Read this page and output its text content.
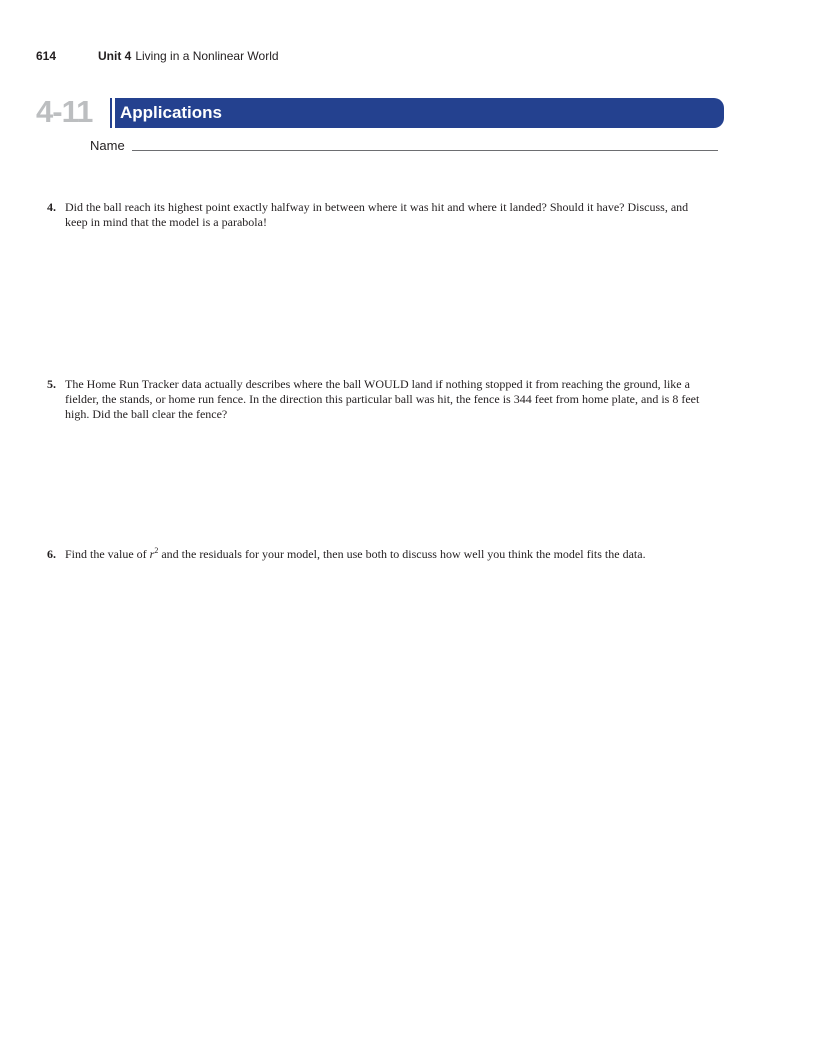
614	Unit 4 Living in a Nonlinear World
4-11 Applications
Name
4. Did the ball reach its highest point exactly halfway in between where it was hit and where it landed? Should it have? Discuss, and keep in mind that the model is a parabola!
5. The Home Run Tracker data actually describes where the ball WOULD land if nothing stopped it from reaching the ground, like a fielder, the stands, or home run fence. In the direction this particular ball was hit, the fence is 344 feet from home plate, and is 8 feet high. Did the ball clear the fence?
6. Find the value of $r^2$ and the residuals for your model, then use both to discuss how well you think the model fits the data.
